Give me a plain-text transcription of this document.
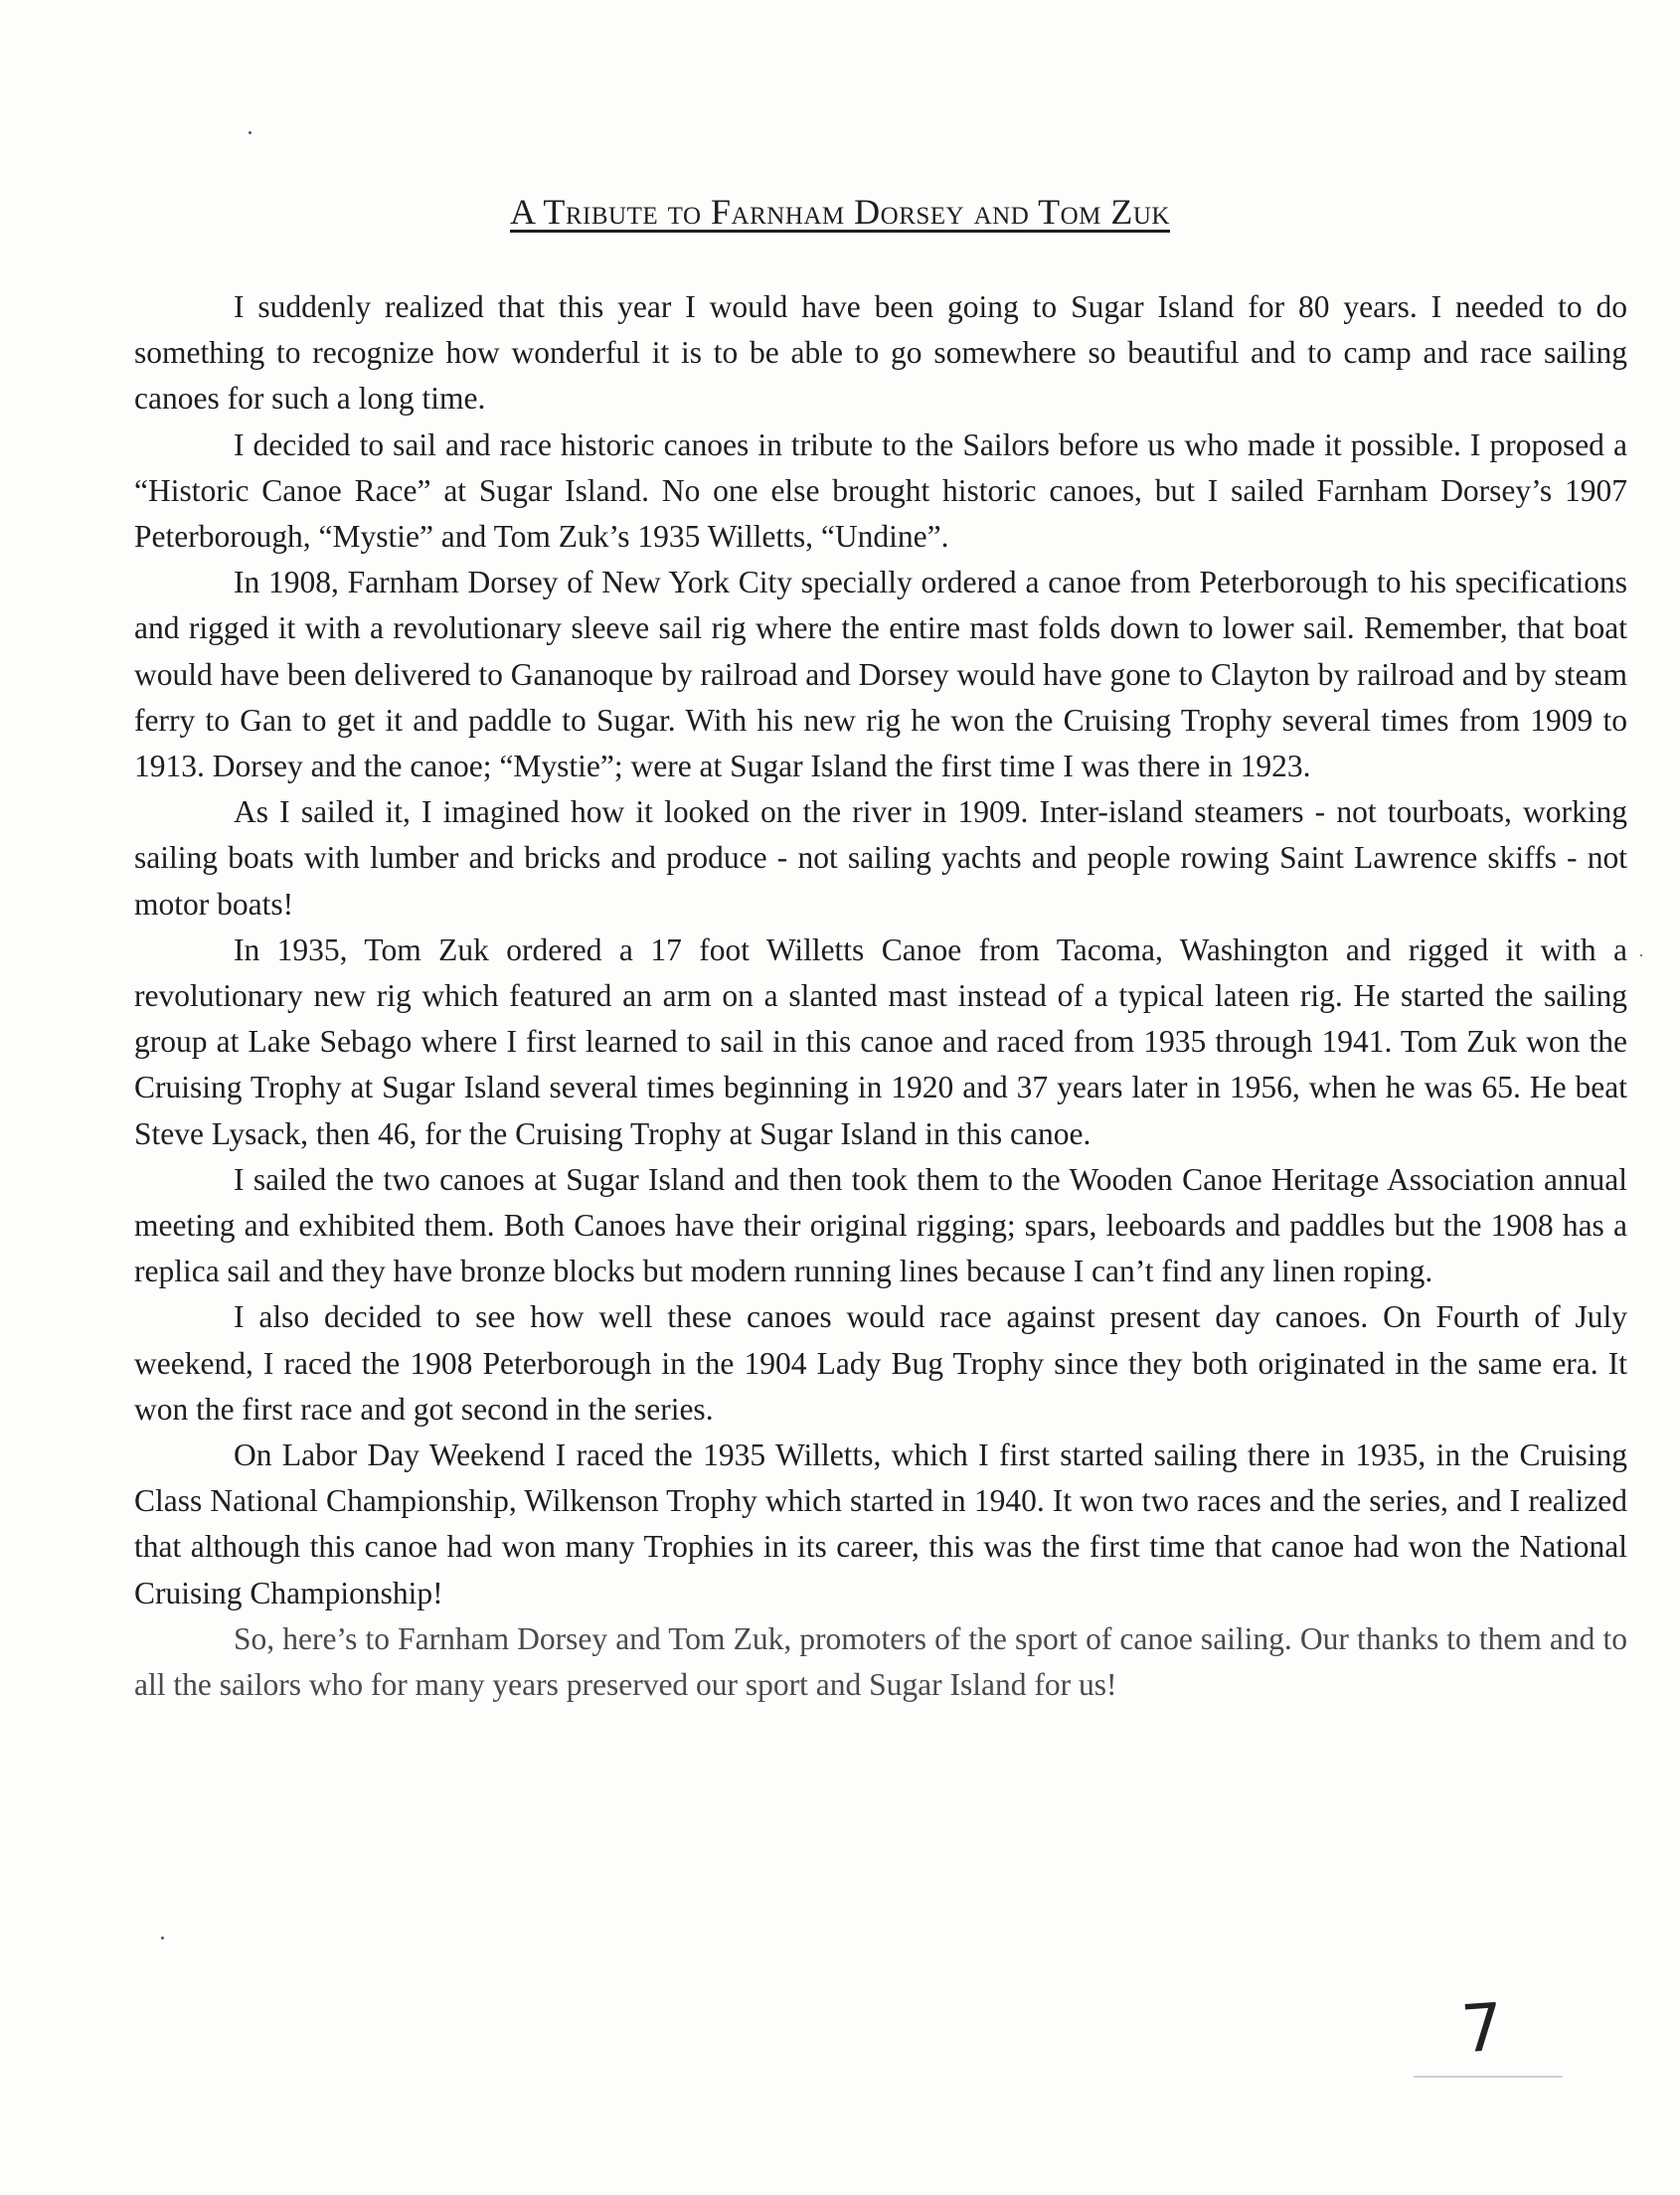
A Tribute to Farnham Dorsey and Tom Zuk

I suddenly realized that this year I would have been going to Sugar Island for 80 years. I needed to do something to recognize how wonderful it is to be able to go somewhere so beautiful and to camp and race sailing canoes for such a long time.

I decided to sail and race historic canoes in tribute to the Sailors before us who made it possible. I proposed a “Historic Canoe Race” at Sugar Island. No one else brought historic canoes, but I sailed Farnham Dorsey’s 1907 Peterborough, “Mystie” and Tom Zuk’s 1935 Willetts, “Undine”.

In 1908, Farnham Dorsey of New York City specially ordered a canoe from Peterborough to his specifications and rigged it with a revolutionary sleeve sail rig where the entire mast folds down to lower sail. Remember, that boat would have been delivered to Gananoque by railroad and Dorsey would have gone to Clayton by railroad and by steam ferry to Gan to get it and paddle to Sugar. With his new rig he won the Cruising Trophy several times from 1909 to 1913. Dorsey and the canoe; “Mystie”; were at Sugar Island the first time I was there in 1923.

As I sailed it, I imagined how it looked on the river in 1909. Inter-island steamers - not tourboats, working sailing boats with lumber and bricks and produce - not sailing yachts and people rowing Saint Lawrence skiffs - not motor boats!

In 1935, Tom Zuk ordered a 17 foot Willetts Canoe from Tacoma, Washington and rigged it with a revolutionary new rig which featured an arm on a slanted mast instead of a typical lateen rig. He started the sailing group at Lake Sebago where I first learned to sail in this canoe and raced from 1935 through 1941. Tom Zuk won the Cruising Trophy at Sugar Island several times beginning in 1920 and 37 years later in 1956, when he was 65. He beat Steve Lysack, then 46, for the Cruising Trophy at Sugar Island in this canoe.

I sailed the two canoes at Sugar Island and then took them to the Wooden Canoe Heritage Association annual meeting and exhibited them. Both Canoes have their original rigging; spars, leeboards and paddles but the 1908 has a replica sail and they have bronze blocks but modern running lines because I can’t find any linen roping.

I also decided to see how well these canoes would race against present day canoes. On Fourth of July weekend, I raced the 1908 Peterborough in the 1904 Lady Bug Trophy since they both originated in the same era. It won the first race and got second in the series.

On Labor Day Weekend I raced the 1935 Willetts, which I first started sailing there in 1935, in the Cruising Class National Championship, Wilkenson Trophy which started in 1940. It won two races and the series, and I realized that although this canoe had won many Trophies in its career, this was the first time that canoe had won the National Cruising Championship!

So, here’s to Farnham Dorsey and Tom Zuk, promoters of the sport of canoe sailing. Our thanks to them and to all the sailors who for many years preserved our sport and Sugar Island for us!

7
